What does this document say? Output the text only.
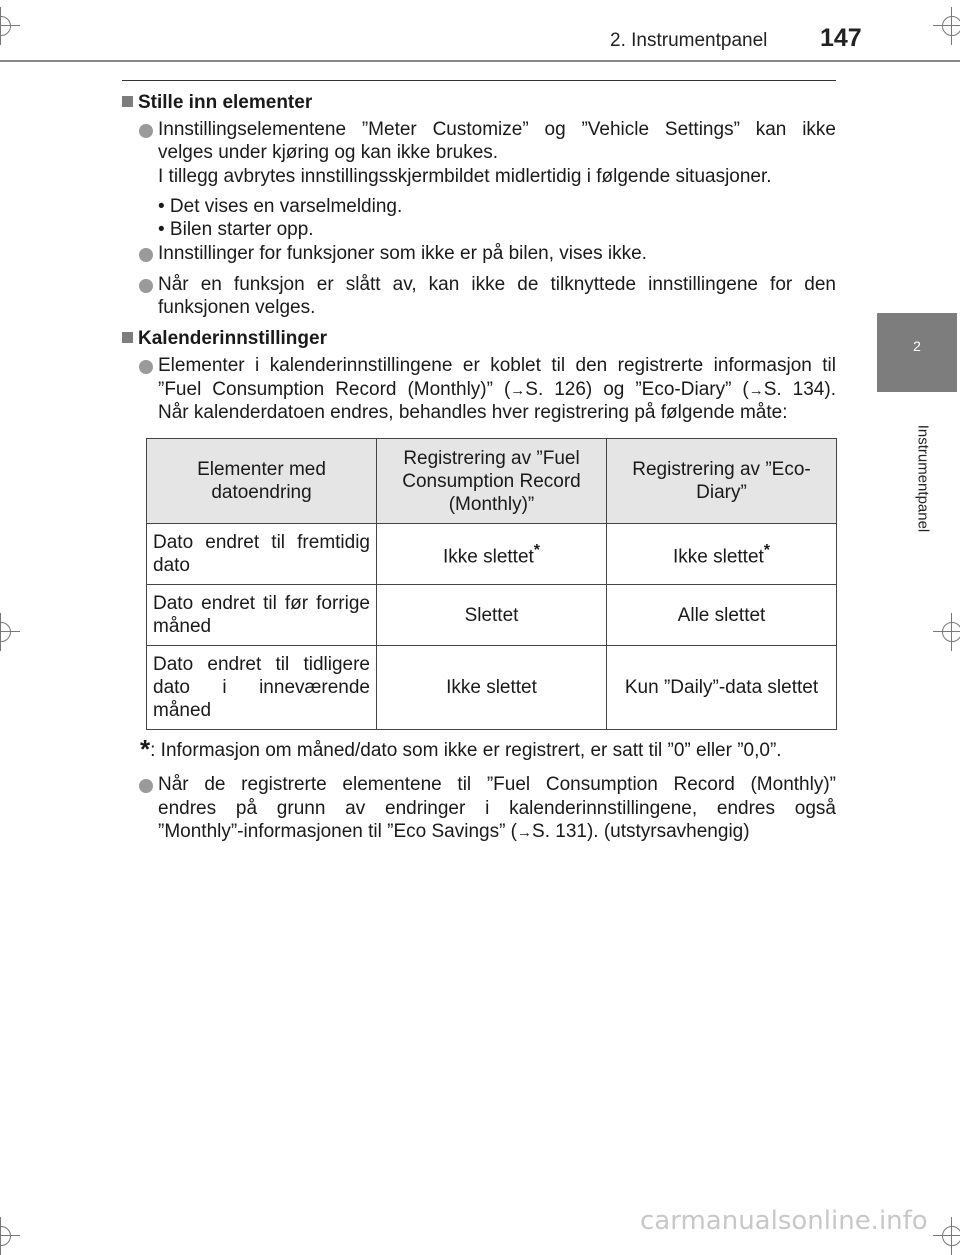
2. Instrumentpanel 147
2
Instrumentpanel
Stille inn elementer
Innstillingselementene ”Meter Customize” og ”Vehicle Settings” kan ikke
velges under kjøring og kan ikke brukes.
I tillegg avbrytes innstillingsskjermbildet midlertidig i følgende situasjoner.
• Det vises en varselmelding.
• Bilen starter opp.
Innstillinger for funksjoner som ikke er på bilen, vises ikke.
Når en funksjon er slått av, kan ikke de tilknyttede innstillingene for den
funksjonen velges.
Kalenderinnstillinger
Elementer i kalenderinnstillingene er koblet til den registrerte informasjon til
”Fuel Consumption Record (Monthly)” (→S. 126) og ”Eco-Diary” (→S. 134).
Når kalenderdatoen endres, behandles hver registrering på følgende måte:
Elementer med datoendring	Registrering av ”Fuel Consumption Record (Monthly)”	Registrering av ”Eco-Diary”
Dato endret til fremtidig dato	Ikke slettet*	Ikke slettet*
Dato endret til før forrige måned	Slettet	Alle slettet
Dato endret til tidligere dato i inneværende måned	Ikke slettet	Kun ”Daily”-data slettet
*: Informasjon om måned/dato som ikke er registrert, er satt til ”0” eller ”0,0”.
Når de registrerte elementene til ”Fuel Consumption Record (Monthly)”
endres på grunn av endringer i kalenderinnstillingene, endres også
”Monthly”-informasjonen til ”Eco Savings” (→S. 131). (utstyrsavhengig)
carmanualsonline.info
